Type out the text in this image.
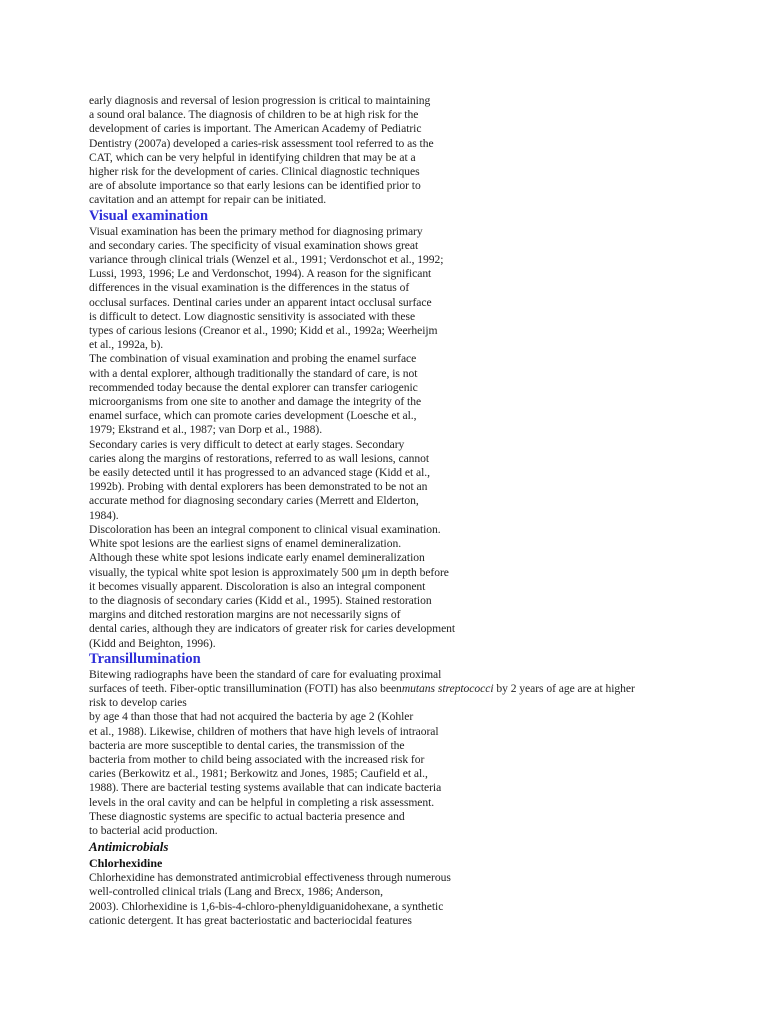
early diagnosis and reversal of lesion progression is critical to maintaining
a sound oral balance. The diagnosis of children to be at high risk for the
development of caries is important. The American Academy of Pediatric
Dentistry (2007a) developed a caries-risk assessment tool referred to as the
CAT, which can be very helpful in identifying children that may be at a
higher risk for the development of caries. Clinical diagnostic techniques
are of absolute importance so that early lesions can be identified prior to
cavitation and an attempt for repair can be initiated.
Visual examination
Visual examination has been the primary method for diagnosing primary
and secondary caries. The specificity of visual examination shows great
variance through clinical trials (Wenzel et al., 1991; Verdonschot et al., 1992;
Lussi, 1993, 1996; Le and Verdonschot, 1994). A reason for the significant
differences in the visual examination is the differences in the status of
occlusal surfaces. Dentinal caries under an apparent intact occlusal surface
is difficult to detect. Low diagnostic sensitivity is associated with these
types of carious lesions (Creanor et al., 1990; Kidd et al., 1992a; Weerheijm
et al., 1992a, b).
The combination of visual examination and probing the enamel surface
with a dental explorer, although traditionally the standard of care, is not
recommended today because the dental explorer can transfer cariogenic
microorganisms from one site to another and damage the integrity of the
enamel surface, which can promote caries development (Loesche et al.,
1979; Ekstrand et al., 1987; van Dorp et al., 1988).
Secondary caries is very difficult to detect at early stages. Secondary
caries along the margins of restorations, referred to as wall lesions, cannot
be easily detected until it has progressed to an advanced stage (Kidd et al.,
1992b). Probing with dental explorers has been demonstrated to be not an
accurate method for diagnosing secondary caries (Merrett and Elderton,
1984).
Discoloration has been an integral component to clinical visual examination.
White spot lesions are the earliest signs of enamel demineralization.
Although these white spot lesions indicate early enamel demineralization
visually, the typical white spot lesion is approximately 500 μm in depth before
it becomes visually apparent. Discoloration is also an integral component
to the diagnosis of secondary caries (Kidd et al., 1995). Stained restoration
margins and ditched restoration margins are not necessarily signs of
dental caries, although they are indicators of greater risk for caries development
(Kidd and Beighton, 1996).
Transillumination
Bitewing radiographs have been the standard of care for evaluating proximal
surfaces of teeth. Fiber-optic transillumination (FOTI) has also beenmutans streptococci by 2 years of age are at higher
risk to develop caries
by age 4 than those that had not acquired the bacteria by age 2 (Kohler
et al., 1988). Likewise, children of mothers that have high levels of intraoral
bacteria are more susceptible to dental caries, the transmission of the
bacteria from mother to child being associated with the increased risk for
caries (Berkowitz et al., 1981; Berkowitz and Jones, 1985; Caufield et al.,
1988). There are bacterial testing systems available that can indicate bacteria
levels in the oral cavity and can be helpful in completing a risk assessment.
These diagnostic systems are specific to actual bacteria presence and
to bacterial acid production.
Antimicrobials
Chlorhexidine
Chlorhexidine has demonstrated antimicrobial effectiveness through numerous
well-controlled clinical trials (Lang and Brecx, 1986; Anderson,
2003). Chlorhexidine is 1,6-bis-4-chloro-phenyldiguanidohexane, a synthetic
cationic detergent. It has great bacteriostatic and bacteriocidal features
